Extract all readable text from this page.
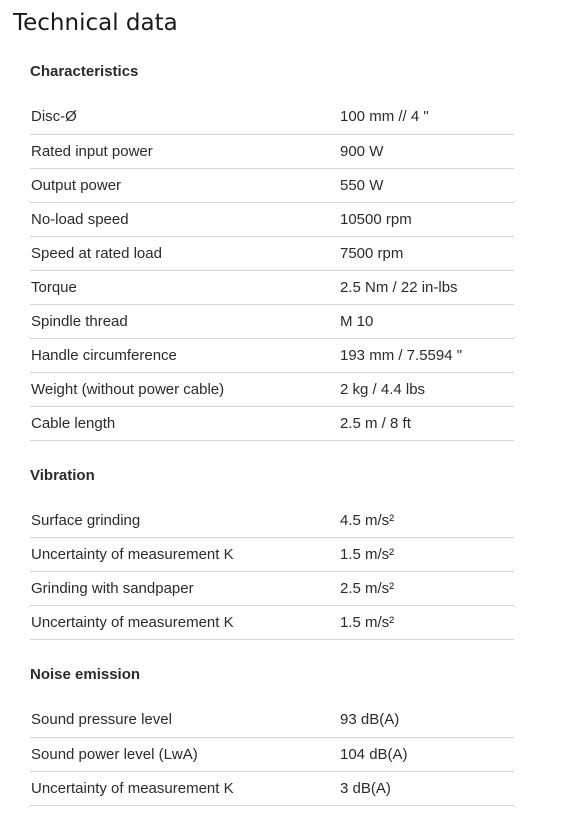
Technical data
Characteristics
Disc-Ø	100 mm // 4 "
Rated input power	900 W
Output power	550 W
No-load speed	10500 rpm
Speed at rated load	7500 rpm
Torque	2.5 Nm / 22 in-lbs
Spindle thread	M 10
Handle circumference	193 mm / 7.5594 "
Weight (without power cable)	2 kg / 4.4 lbs
Cable length	2.5 m / 8 ft
Vibration
Surface grinding	4.5 m/s²
Uncertainty of measurement K	1.5 m/s²
Grinding with sandpaper	2.5 m/s²
Uncertainty of measurement K	1.5 m/s²
Noise emission
Sound pressure level	93 dB(A)
Sound power level (LwA)	104 dB(A)
Uncertainty of measurement K	3 dB(A)
